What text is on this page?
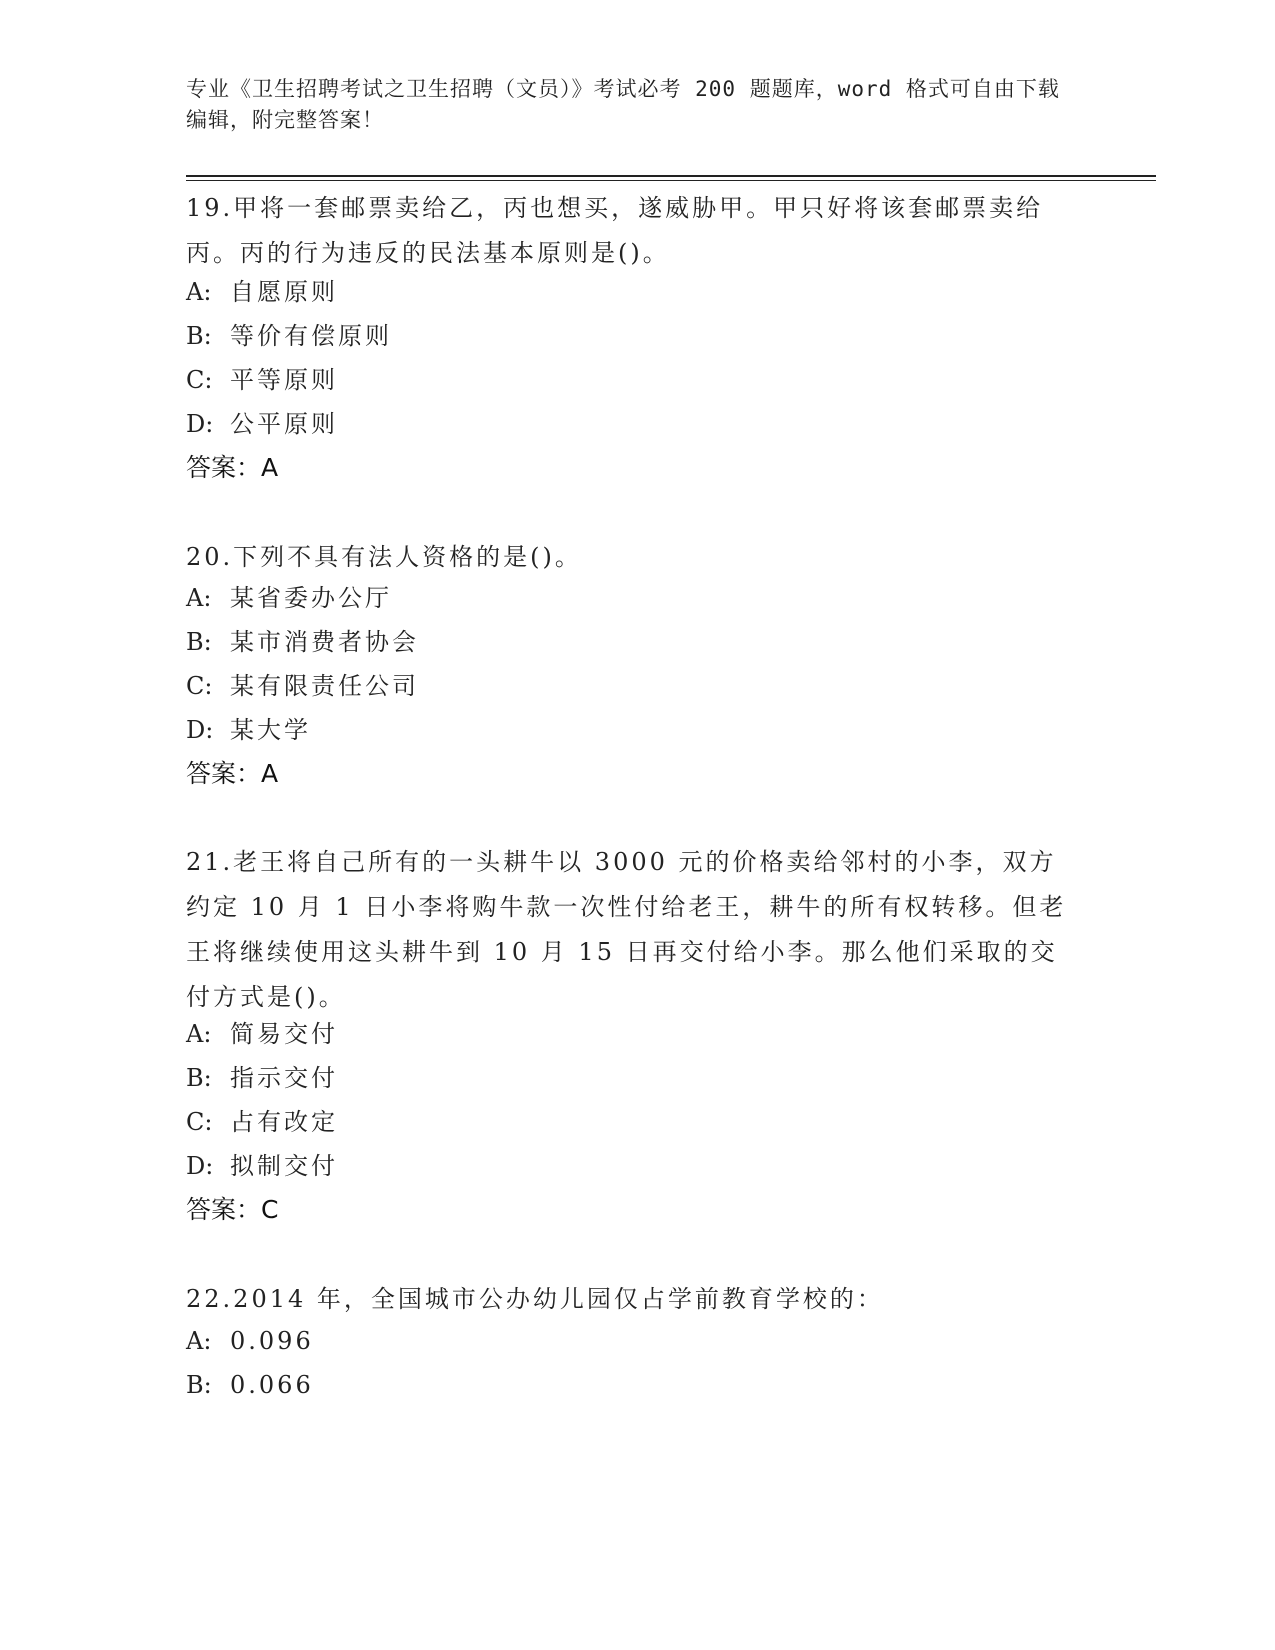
专业《卫生招聘考试之卫生招聘（文员）》考试必考 200 题题库，word 格式可自由下载编辑，附完整答案！
19.甲将一套邮票卖给乙，丙也想买，遂威胁甲。甲只好将该套邮票卖给丙。丙的行为违反的民法基本原则是()。
A: 自愿原则
B: 等价有偿原则
C: 平等原则
D: 公平原则
答案：A
20.下列不具有法人资格的是()。
A: 某省委办公厅
B: 某市消费者协会
C: 某有限责任公司
D: 某大学
答案：A
21.老王将自己所有的一头耕牛以 3000 元的价格卖给邻村的小李，双方约定 10 月 1 日小李将购牛款一次性付给老王，耕牛的所有权转移。但老王将继续使用这头耕牛到 10 月 15 日再交付给小李。那么他们采取的交付方式是()。
A: 简易交付
B: 指示交付
C: 占有改定
D: 拟制交付
答案：C
22.2014 年，全国城市公办幼儿园仅占学前教育学校的：
A: 0.096
B: 0.066
